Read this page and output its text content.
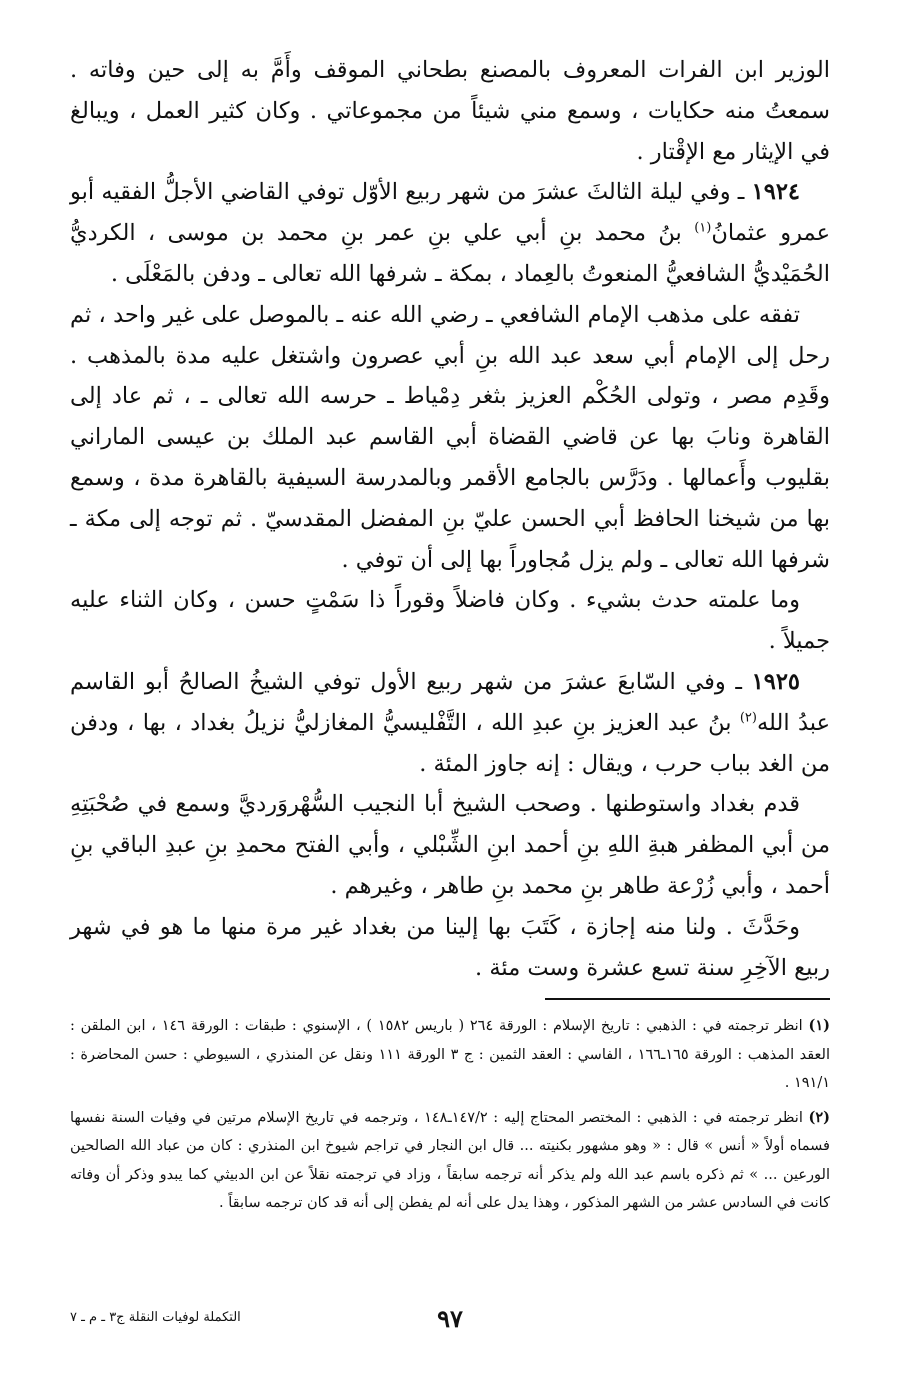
الوزير ابن الفرات المعروف بالمصنع بطحاني الموقف وأَمَّ به إلى حين وفاته . سمعتُ منه حكايات ، وسمع مني شيئاً من مجموعاتي . وكان كثير العمل ، ويبالغ في الإيثار مع الإقْتار .

١٩٢٤ ـ وفي ليلة الثالثَ عشرَ من شهر ربيع الأوّل توفي القاضي الأجلُّ الفقيه أبو عمرو عثمانُ$^{(١)}$ بنُ محمد بنِ أبي علي بنِ عمر بنِ محمد بن موسى ، الكرديُّ الحُمَيْديُّ الشافعيُّ المنعوتُ بالعِماد ، بمكة ـ شرفها الله تعالى ـ ودفن بالمَعْلَى .

تفقه على مذهب الإمام الشافعي ـ رضي الله عنه ـ بالموصل على غير واحد ، ثم رحل إلى الإمام أبي سعد عبد الله بنِ أبي عصرون واشتغل عليه مدة بالمذهب . وقَدِم مصر ، وتولى الحُكْم العزيز بثغر دِمْياط ـ حرسه الله تعالى ـ ، ثم عاد إلى القاهرة ونابَ بها عن قاضي القضاة أبي القاسم عبد الملك بن عيسى الماراني بقليوب وأَعمالها . ودَرَّس بالجامع الأقمر وبالمدرسة السيفية بالقاهرة مدة ، وسمع بها من شيخنا الحافظ أبي الحسن عليّ بنِ المفضل المقدسيّ . ثم توجه إلى مكة ـ شرفها الله تعالى ـ ولم يزل مُجاوراً بها إلى أن توفي .

وما علمته حدث بشيء . وكان فاضلاً وقوراً ذا سَمْتٍ حسن ، وكان الثناء عليه جميلاً .

١٩٢٥ ـ وفي السّابعَ عشرَ من شهر ربيع الأول توفي الشيخُ الصالحُ أبو القاسم عبدُ الله$^{(٢)}$ بنُ عبد العزيز بنِ عبدِ الله ، التَّفْليسيُّ المغازليُّ نزيلُ بغداد ، بها ، ودفن من الغد بباب حرب ، ويقال : إنه جاوز المئة .

قدم بغداد واستوطنها . وصحب الشيخ أبا النجيب السُّهْروَرديَّ وسمع في صُحْبَتِهِ من أبي المظفر هبةِ اللهِ بنِ أحمد ابنِ الشِّبْلي ، وأبي الفتح محمدِ بنِ عبدِ الباقي بنِ أحمد ، وأبي زُرْعة طاهر بنِ محمد بنِ طاهر ، وغيرهم .

وحَدَّثَ . ولنا منه إجازة ، كَتَبَ بها إلينا من بغداد غير مرة منها ما هو في شهر ربيع الآخِرِ سنة تسع عشرة وست مئة .

(١) انظر ترجمته في : الذهبي : تاريخ الإسلام : الورقة ٢٦٤ ( باريس ١٥٨٢ ) ، الإسنوي : طبقات : الورقة ١٤٦ ، ابن الملقن : العقد المذهب : الورقة ١٦٥ـ١٦٦ ، الفاسي : العقد الثمين : ج ٣ الورقة ١١١ ونقل عن المنذري ، السيوطي : حسن المحاضرة : ١٩١/١ .

(٢) انظر ترجمته في : الذهبي : المختصر المحتاج إليه : ١٤٧/٢ـ١٤٨ ، وترجمه في تاريخ الإسلام مرتين في وفيات السنة نفسها فسماه أولاً « أنس » قال : « وهو مشهور بكنيته ... قال ابن النجار في تراجم شيوخ ابن المنذري : كان من عباد الله الصالحين الورعين ... » ثم ذكره باسم عبد الله ولم يذكر أنه ترجمه سابقاً ، وزاد في ترجمته نقلاً عن ابن الدبيثي كما يبدو وذكر أن وفاته كانت في السادس عشر من الشهر المذكور ، وهذا يدل على أنه لم يفطن إلى أنه قد كان ترجمه سابقاً .

٩٧
التكملة لوفيات النقلة ج٣ ـ م ـ ٧
